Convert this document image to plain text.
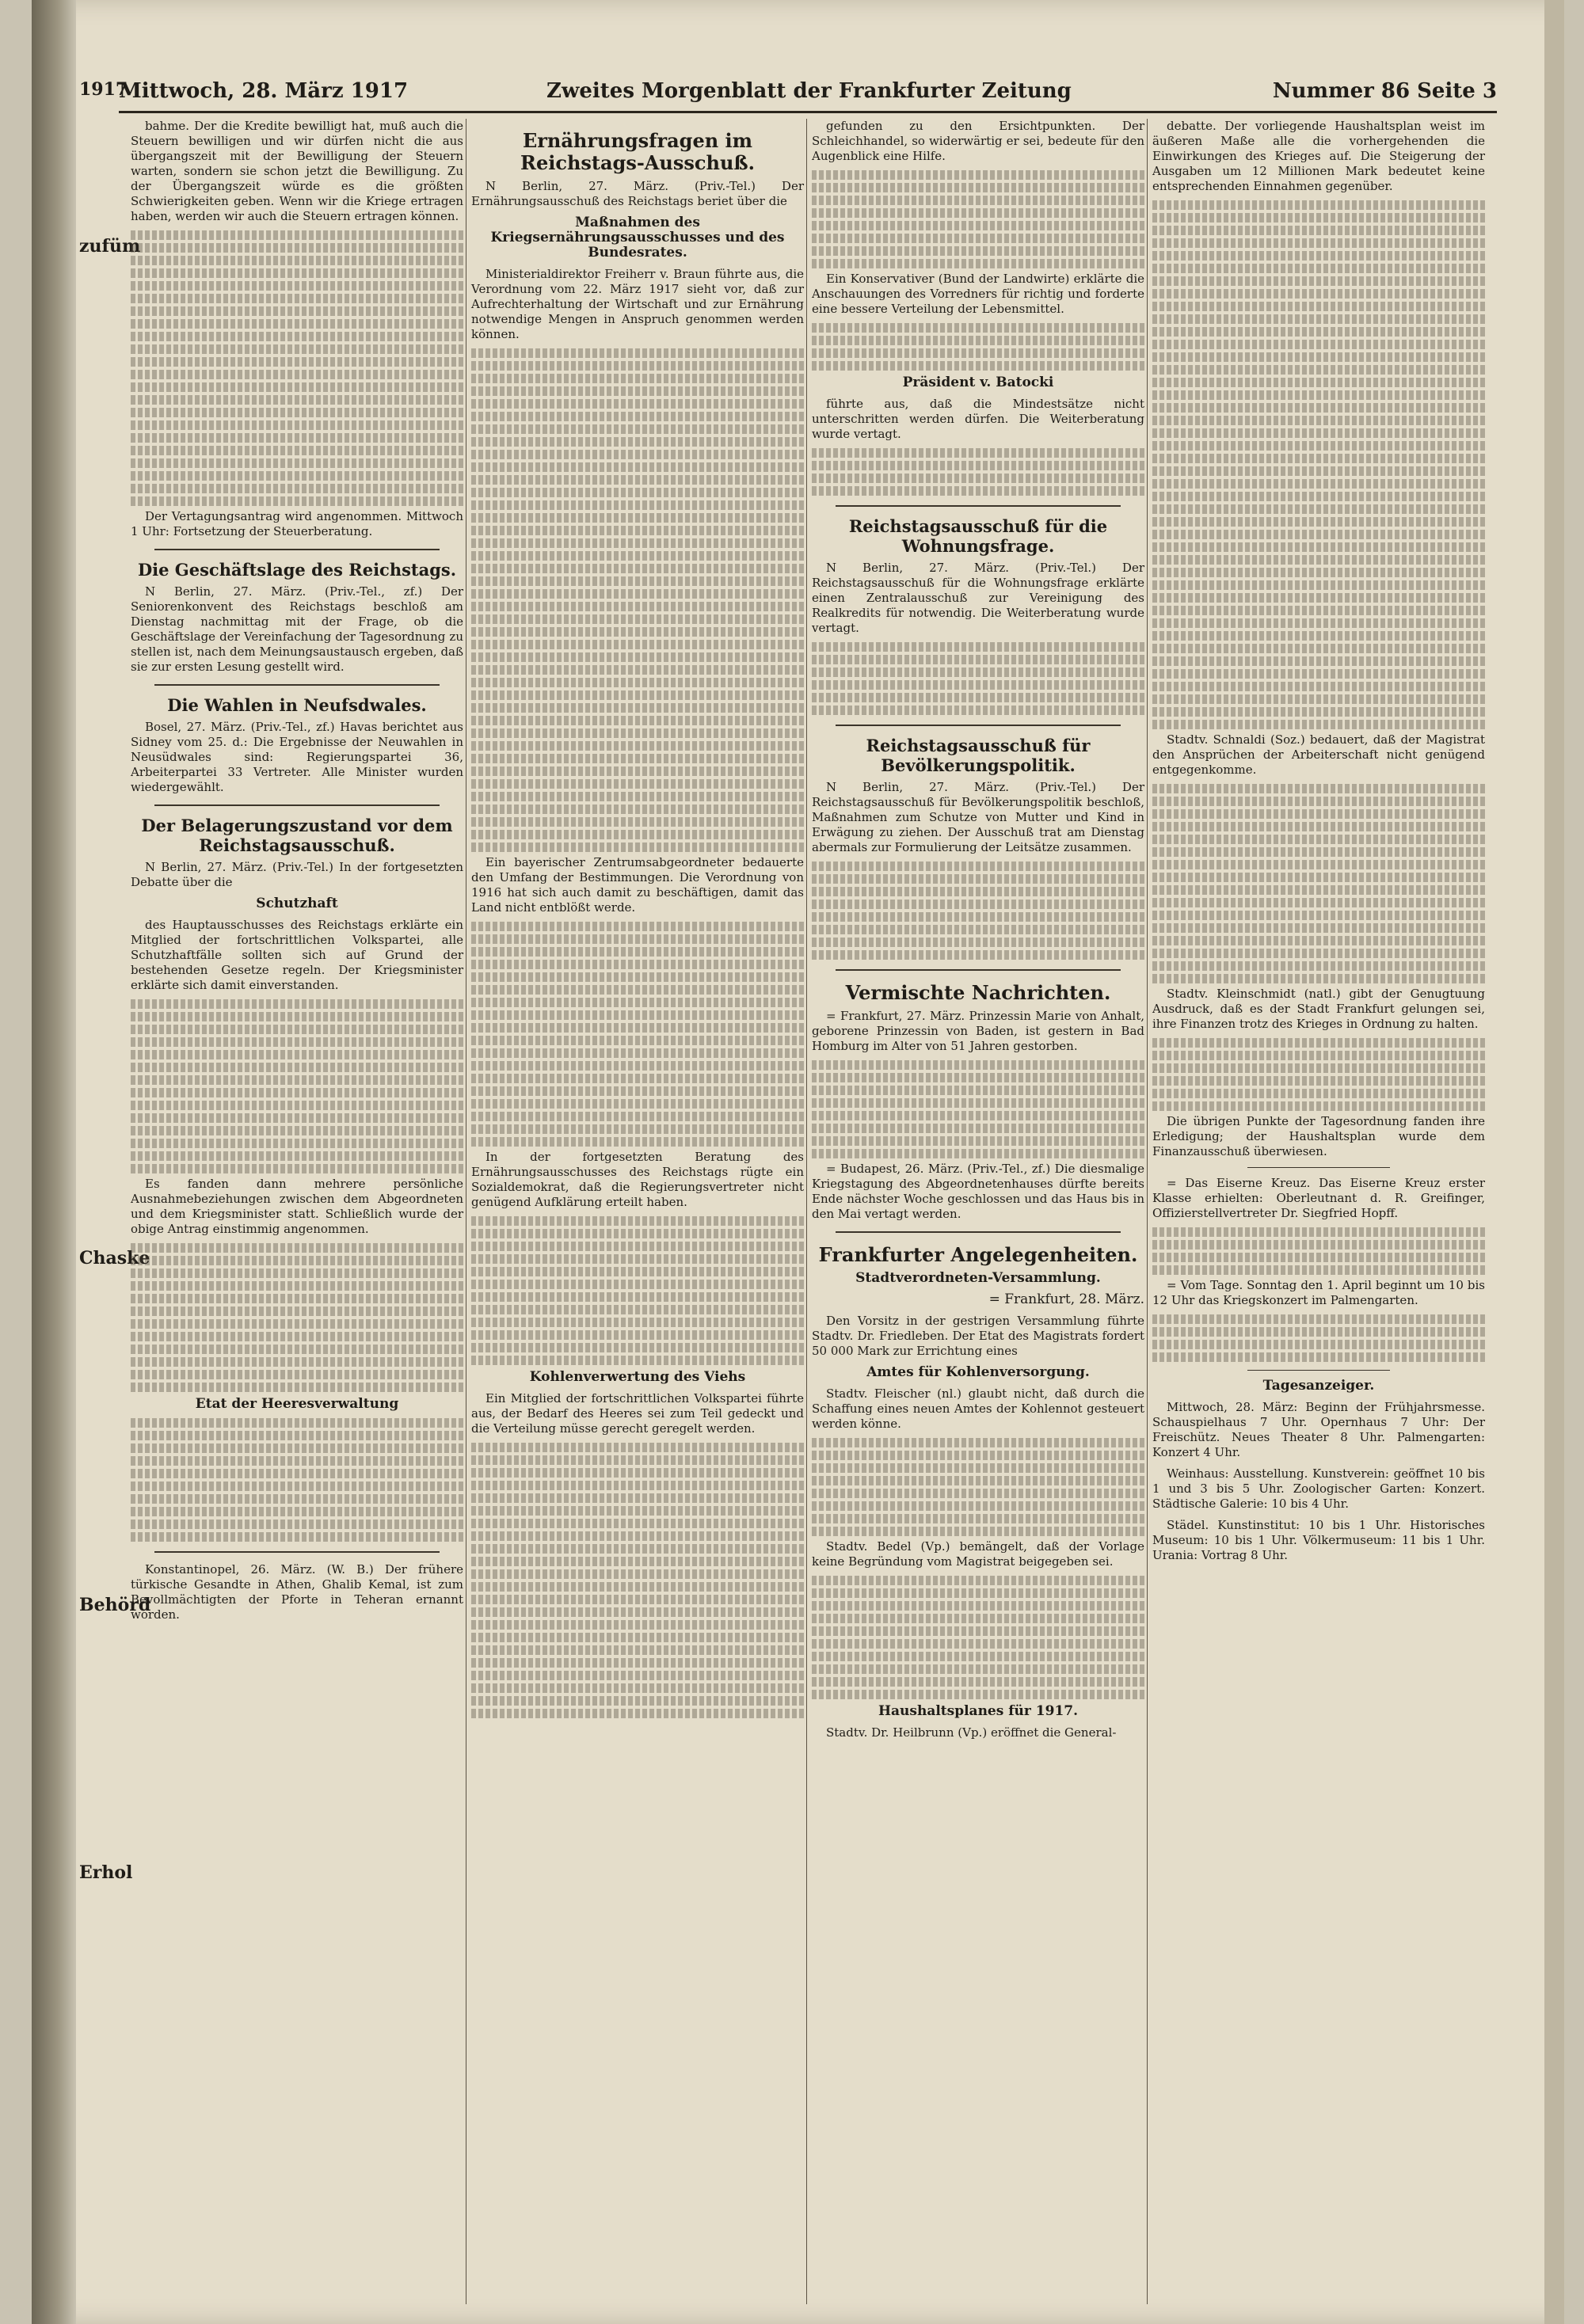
1917
zufüm
Chaske
Behörd
Erhol
Mittwoch, 28. März 1917	Zweites Morgenblatt der Frankfurter Zeitung	Nummer 86 Seite 3

bahme. Der die Kredite bewilligt hat, muß auch die Steuern bewilligen und wir dürfen nicht die aus übergangszeit mit der Bewilligung der Steuern warten, sondern sie schon jetzt die Bewilligung. Zu der Übergangszeit würde es die größten Schwierigkeiten geben. Wenn wir die Kriege ertragen haben, werden wir auch die Steuern ertragen können.

Der Vertagungsantrag wird angenommen. Mittwoch 1 Uhr: Fortsetzung der Steuerberatung.

Die Geschäftslage des Reichstags.

N Berlin, 27. März. (Priv.-Tel., zf.) Der Seniorenkonvent des Reichstags beschloß am Dienstag nachmittag mit der Frage, ob die Geschäftslage der Vereinfachung der Tagesordnung zu stellen ist, nach dem Meinungsaustausch ergeben, daß sie zur ersten Lesung gestellt wird.

Die Wahlen in Neufsdwales.

Bosel, 27. März. (Priv.-Tel., zf.) Havas berichtet aus Sidney vom 25. d.: Die Ergebnisse der Neuwahlen in Neusüdwales sind: Regierungspartei 36, Arbeiterpartei 33 Vertreter. Alle Minister wurden wiedergewählt.

Der Belagerungszustand vor dem Reichstagsausschuß.

N Berlin, 27. März. (Priv.-Tel.) In der fortgesetzten Debatte über die

Schutzhaft

des Hauptausschusses des Reichstags erklärte ein Mitglied der fortschrittlichen Volkspartei, alle Schutzhaftfälle sollten sich auf Grund der bestehenden Gesetze regeln. Der Kriegsminister erklärte sich damit einverstanden.

Es fanden dann mehrere persönliche Ausnahmebeziehungen zwischen dem Abgeordneten und dem Kriegsminister statt. Schließlich wurde der obige Antrag einstimmig angenommen.

Etat der Heeresverwaltung

Konstantinopel, 26. März. (W. B.) Der frühere türkische Gesandte in Athen, Ghalib Kemal, ist zum Bevollmächtigten der Pforte in Teheran ernannt worden.

Ernährungsfragen im Reichstags-Ausschuß.

N Berlin, 27. März. (Priv.-Tel.) Der Ernährungsausschuß des Reichstags beriet über die

Maßnahmen des Kriegsernährungsausschusses und des Bundesrates.

Ministerialdirektor Freiherr v. Braun führte aus, die Verordnung vom 22. März 1917 sieht vor, daß zur Aufrechterhaltung der Wirtschaft und zur Ernährung notwendige Mengen in Anspruch genommen werden können.

Ein bayerischer Zentrumsabgeordneter bedauerte den Umfang der Bestimmungen. Die Verordnung von 1916 hat sich auch damit zu beschäftigen, damit das Land nicht entblößt werde.

In der fortgesetzten Beratung des Ernährungsausschusses des Reichstags rügte ein Sozialdemokrat, daß die Regierungsvertreter nicht genügend Aufklärung erteilt haben.

Kohlenverwertung des Viehs

Ein Mitglied der fortschrittlichen Volkspartei führte aus, der Bedarf des Heeres sei zum Teil gedeckt und die Verteilung müsse gerecht geregelt werden.

gefunden zu den Ersichtpunkten. Der Schleichhandel, so widerwärtig er sei, bedeute für den Augenblick eine Hilfe.

Ein Konservativer (Bund der Landwirte) erklärte die Anschauungen des Vorredners für richtig und forderte eine bessere Verteilung der Lebensmittel.

Präsident v. Batocki

führte aus, daß die Mindestsätze nicht unterschritten werden dürfen. Die Weiterberatung wurde vertagt.

Reichstagsausschuß für die Wohnungsfrage.

N Berlin, 27. März. (Priv.-Tel.) Der Reichstagsausschuß für die Wohnungsfrage erklärte einen Zentralausschuß zur Vereinigung des Realkredits für notwendig. Die Weiterberatung wurde vertagt.

Reichstagsausschuß für Bevölkerungspolitik.

N Berlin, 27. März. (Priv.-Tel.) Der Reichstagsausschuß für Bevölkerungspolitik beschloß, Maßnahmen zum Schutze von Mutter und Kind in Erwägung zu ziehen. Der Ausschuß trat am Dienstag abermals zur Formulierung der Leitsätze zusammen.

Vermischte Nachrichten.

= Frankfurt, 27. März. Prinzessin Marie von Anhalt, geborene Prinzessin von Baden, ist gestern in Bad Homburg im Alter von 51 Jahren gestorben.

= Budapest, 26. März. (Priv.-Tel., zf.) Die diesmalige Kriegstagung des Abgeordnetenhauses dürfte bereits Ende nächster Woche geschlossen und das Haus bis in den Mai vertagt werden.

Frankfurter Angelegenheiten.
Stadtverordneten-Versammlung.
= Frankfurt, 28. März.

Den Vorsitz in der gestrigen Versammlung führte Stadtv. Dr. Friedleben. Der Etat des Magistrats fordert 50 000 Mark zur Errichtung eines

Amtes für Kohlenversorgung.

Stadtv. Fleischer (nl.) glaubt nicht, daß durch die Schaffung eines neuen Amtes der Kohlennot gesteuert werden könne.

Stadtv. Bedel (Vp.) bemängelt, daß der Vorlage keine Begründung vom Magistrat beigegeben sei.

Haushaltsplanes für 1917.

Stadtv. Dr. Heilbrunn (Vp.) eröffnet die General-

debatte. Der vorliegende Haushaltsplan weist im äußeren Maße alle die vorhergehenden die Einwirkungen des Krieges auf. Die Steigerung der Ausgaben um 12 Millionen Mark bedeutet keine entsprechenden Einnahmen gegenüber.

Stadtv. Schnaldi (Soz.) bedauert, daß der Magistrat den Ansprüchen der Arbeiterschaft nicht genügend entgegenkomme.

Stadtv. Kleinschmidt (natl.) gibt der Genugtuung Ausdruck, daß es der Stadt Frankfurt gelungen sei, ihre Finanzen trotz des Krieges in Ordnung zu halten.

Die übrigen Punkte der Tagesordnung fanden ihre Erledigung; der Haushaltsplan wurde dem Finanzausschuß überwiesen.

= Das Eiserne Kreuz. Das Eiserne Kreuz erster Klasse erhielten: Oberleutnant d. R. Greifinger, Offizierstellvertreter Dr. Siegfried Hopff.

= Vom Tage. Sonntag den 1. April beginnt um 10 bis 12 Uhr das Kriegskonzert im Palmengarten.

Tagesanzeiger.

Mittwoch, 28. März: Beginn der Frühjahrsmesse. Schauspielhaus 7 Uhr. Opernhaus 7 Uhr: Der Freischütz. Neues Theater 8 Uhr. Palmengarten: Konzert 4 Uhr.

Weinhaus: Ausstellung. Kunstverein: geöffnet 10 bis 1 und 3 bis 5 Uhr. Zoologischer Garten: Konzert. Städtische Galerie: 10 bis 4 Uhr.

Städel. Kunstinstitut: 10 bis 1 Uhr. Historisches Museum: 10 bis 1 Uhr. Völkermuseum: 11 bis 1 Uhr. Urania: Vortrag 8 Uhr.
